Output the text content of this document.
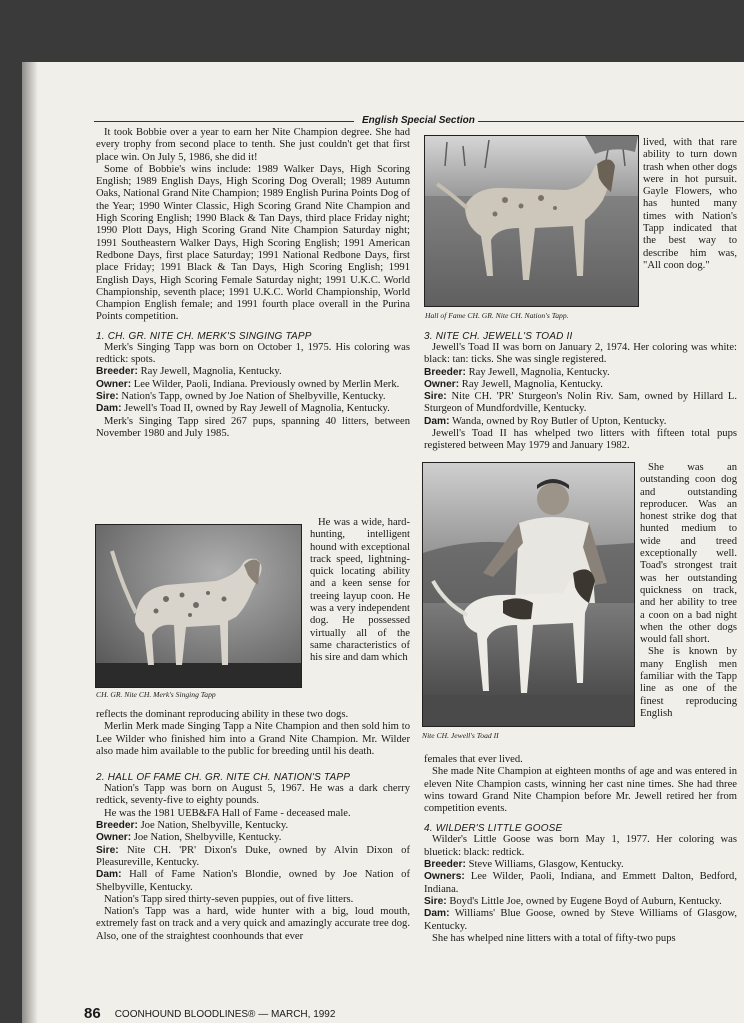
English Special Section

It took Bobbie over a year to earn her Nite Champion degree. She had every trophy from second place to tenth. She just couldn't get that first place win. On July 5, 1986, she did it!

Some of Bobbie's wins include: 1989 Walker Days, High Scoring English; 1989 English Days, High Scoring Dog Overall; 1989 Autumn Oaks, National Grand Nite Champion; 1989 English Purina Points Dog of the Year; 1990 Winter Classic, High Scoring Grand Nite Champion and High Scoring English; 1990 Black & Tan Days, third place Friday night; 1990 Plott Days, High Scoring Grand Nite Champion Saturday night; 1991 Southeastern Walker Days, High Scoring English; 1991 American Redbone Days, first place Saturday; 1991 National Redbone Days, first place Friday; 1991 Black & Tan Days, High Scoring English; 1991 English Days, High Scoring Female Saturday night; 1991 U.K.C. World Championship, seventh place; 1991 U.K.C. World Championship, World Champion English female; and 1991 fourth place overall in the Purina Points competition.

1. CH. GR. NITE CH. MERK'S SINGING TAPP

Merk's Singing Tapp was born on October 1, 1975. His coloring was redtick: spots.

Breeder: Ray Jewell, Magnolia, Kentucky.

Owner: Lee Wilder, Paoli, Indiana. Previously owned by Merlin Merk.

Sire: Nation's Tapp, owned by Joe Nation of Shelbyville, Kentucky.

Dam: Jewell's Toad II, owned by Ray Jewell of Magnolia, Kentucky.

Merk's Singing Tapp sired 267 pups, spanning 40 litters, between November 1980 and July 1985.

CH. GR. Nite CH. Merk's Singing Tapp

He was a wide, hard-hunting, intelligent hound with exceptional track speed, lightning-quick locating ability and a keen sense for treeing layup coon. He was a very independent dog. He possessed virtually all of the same characteristics of his sire and dam which

reflects the dominant reproducing ability in these two dogs.

Merlin Merk made Singing Tapp a Nite Champion and then sold him to Lee Wilder who finished him into a Grand Nite Champion. Mr. Wilder also made him available to the public for breeding until his death.

2. HALL OF FAME CH. GR. NITE CH. NATION'S TAPP

Nation's Tapp was born on August 5, 1967. He was a dark cherry redtick, seventy-five to eighty pounds.

He was the 1981 UEB&FA Hall of Fame - deceased male.

Breeder: Joe Nation, Shelbyville, Kentucky.

Owner: Joe Nation, Shelbyville, Kentucky.

Sire: Nite CH. 'PR' Dixon's Duke, owned by Alvin Dixon of Pleasureville, Kentucky.

Dam: Hall of Fame Nation's Blondie, owned by Joe Nation of Shelbyville, Kentucky.

Nation's Tapp sired thirty-seven puppies, out of five litters.

Nation's Tapp was a hard, wide hunter with a big, loud mouth, extremely fast on track and a very quick and amazingly accurate tree dog. Also, one of the straightest coonhounds that ever

Hall of Fame CH. GR. Nite CH. Nation's Tapp.

lived, with that rare ability to turn down trash when other dogs were in hot pursuit. Gayle Flowers, who has hunted many times with Nation's Tapp indicated that the best way to describe him was, "All coon dog."

3. NITE CH. JEWELL'S TOAD II

Jewell's Toad II was born on January 2, 1974. Her coloring was white: black: tan: ticks. She was single registered.

Breeder: Ray Jewell, Magnolia, Kentucky.

Owner: Ray Jewell, Magnolia, Kentucky.

Sire: Nite CH. 'PR' Sturgeon's Nolin Riv. Sam, owned by Hillard L. Sturgeon of Mundfordville, Kentucky.

Dam: Wanda, owned by Roy Butler of Upton, Kentucky.

Jewell's Toad II has whelped two litters with fifteen total pups registered between May 1979 and January 1982.

Nite CH. Jewell's Toad II

She was an outstanding coon dog and outstanding reproducer. Was an honest strike dog that hunted medium to wide and treed exceptionally well. Toad's strongest trait was her outstanding quickness on track, and her ability to tree a coon on a bad night when the other dogs would fall short.

She is known by many English men familiar with the Tapp line as one of the finest reproducing English

females that ever lived.

She made Nite Champion at eighteen months of age and was entered in eleven Nite Champion casts, winning her cast nine times. She had three wins toward Grand Nite Champion before Mr. Jewell retired her from competition events.

4. WILDER'S LITTLE GOOSE

Wilder's Little Goose was born May 1, 1977. Her coloring was bluetick: black: redtick.

Breeder: Steve Williams, Glasgow, Kentucky.

Owners: Lee Wilder, Paoli, Indiana, and Emmett Dalton, Bedford, Indiana.

Sire: Boyd's Little Joe, owned by Eugene Boyd of Auburn, Kentucky.

Dam: Williams' Blue Goose, owned by Steve Williams of Glasgow, Kentucky.

She has whelped nine litters with a total of fifty-two pups

86 COONHOUND BLOODLINES® — MARCH, 1992
